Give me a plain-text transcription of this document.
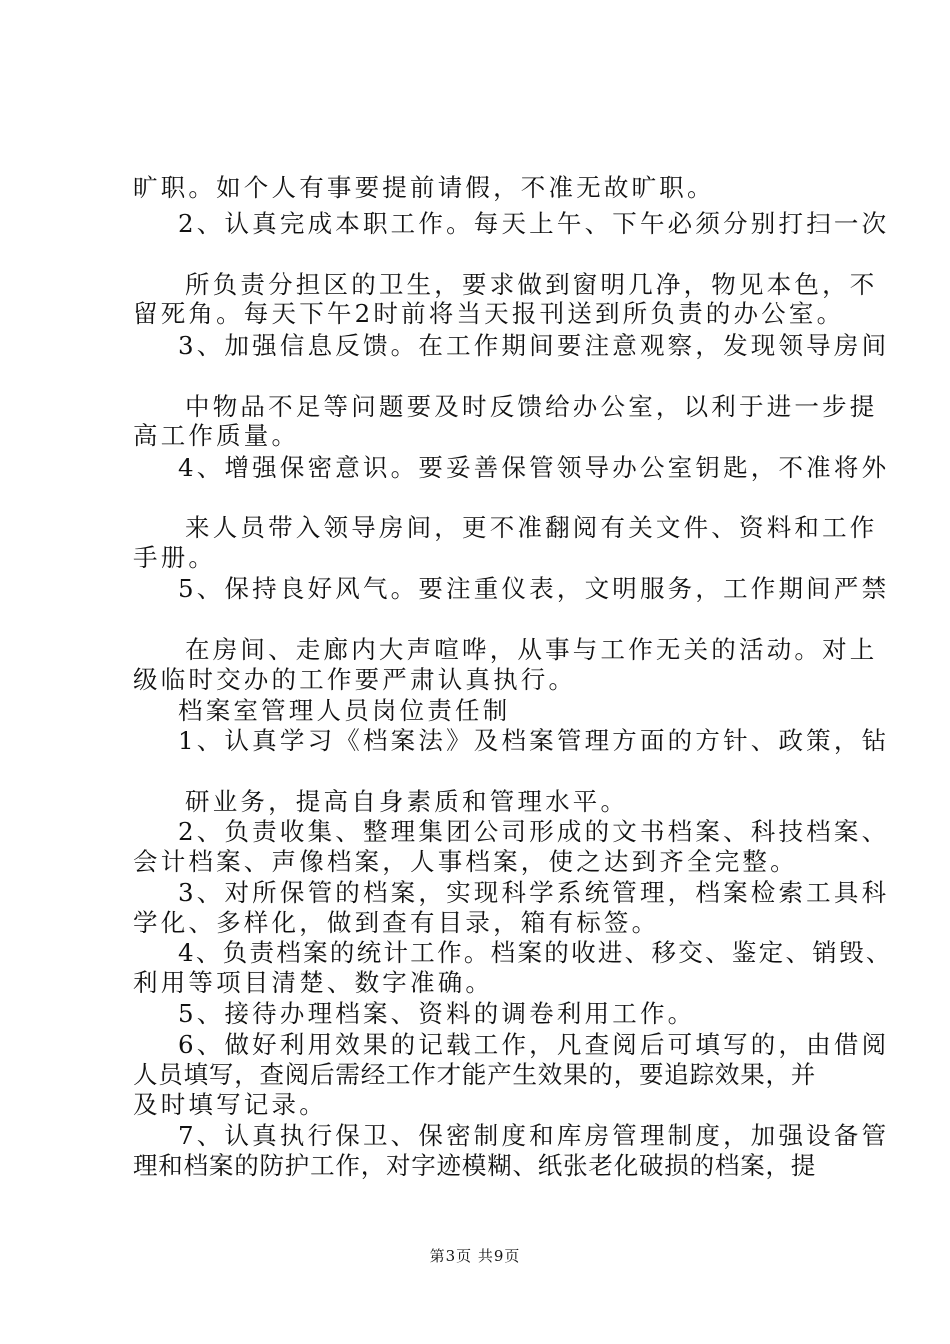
旷职。如个人有事要提前请假，不准无故旷职。
2、认真完成本职工作。每天上午、下午必须分别打扫一次
所负责分担区的卫生，要求做到窗明几净，物见本色，不
留死角。每天下午2时前将当天报刊送到所负责的办公室。
3、加强信息反馈。在工作期间要注意观察，发现领导房间
中物品不足等问题要及时反馈给办公室，以利于进一步提
高工作质量。
4、增强保密意识。要妥善保管领导办公室钥匙，不准将外
来人员带入领导房间，更不准翻阅有关文件、资料和工作
手册。
5、保持良好风气。要注重仪表，文明服务，工作期间严禁
在房间、走廊内大声喧哗，从事与工作无关的活动。对上
级临时交办的工作要严肃认真执行。
档案室管理人员岗位责任制
1、认真学习《档案法》及档案管理方面的方针、政策，钻
研业务，提高自身素质和管理水平。
2、负责收集、整理集团公司形成的文书档案、科技档案、
会计档案、声像档案，人事档案，使之达到齐全完整。
3、对所保管的档案，实现科学系统管理，档案检索工具科
学化、多样化，做到查有目录，箱有标签。
4、负责档案的统计工作。档案的收进、移交、鉴定、销毁、
利用等项目清楚、数字准确。
5、接待办理档案、资料的调卷利用工作。
6、做好利用效果的记载工作，凡查阅后可填写的，由借阅
人员填写，查阅后需经工作才能产生效果的，要追踪效果，并
及时填写记录。
7、认真执行保卫、保密制度和库房管理制度，加强设备管
理和档案的防护工作，对字迹模糊、纸张老化破损的档案，提
第3页 共9页
